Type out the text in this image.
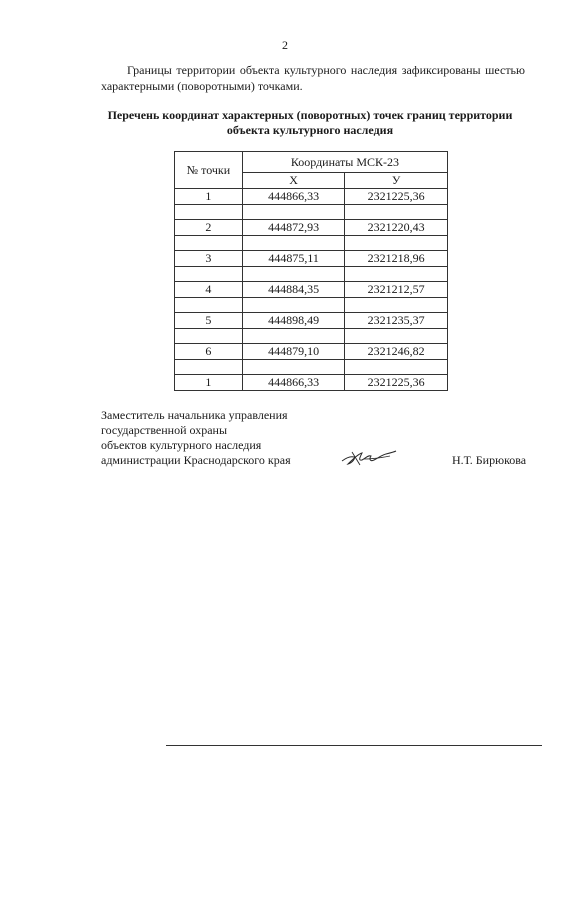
2

Границы территории объекта культурного наследия зафиксированы шестью характерными (поворотными) точками.

Перечень координат характерных (поворотных) точек границ территории объекта культурного наследия

№ точки	Координаты МСК-23	
	Х	У
1	444866,33	2321225,36

2	444872,93	2321220,43

3	444875,11	2321218,96

4	444884,35	2321212,57

5	444898,49	2321235,37

6	444879,10	2321246,82

1	444866,33	2321225,36
Заместитель начальника управления
государственной охраны
объектов культурного наследия
администрации Краснодарского края	Н.Т. Бирюкова
